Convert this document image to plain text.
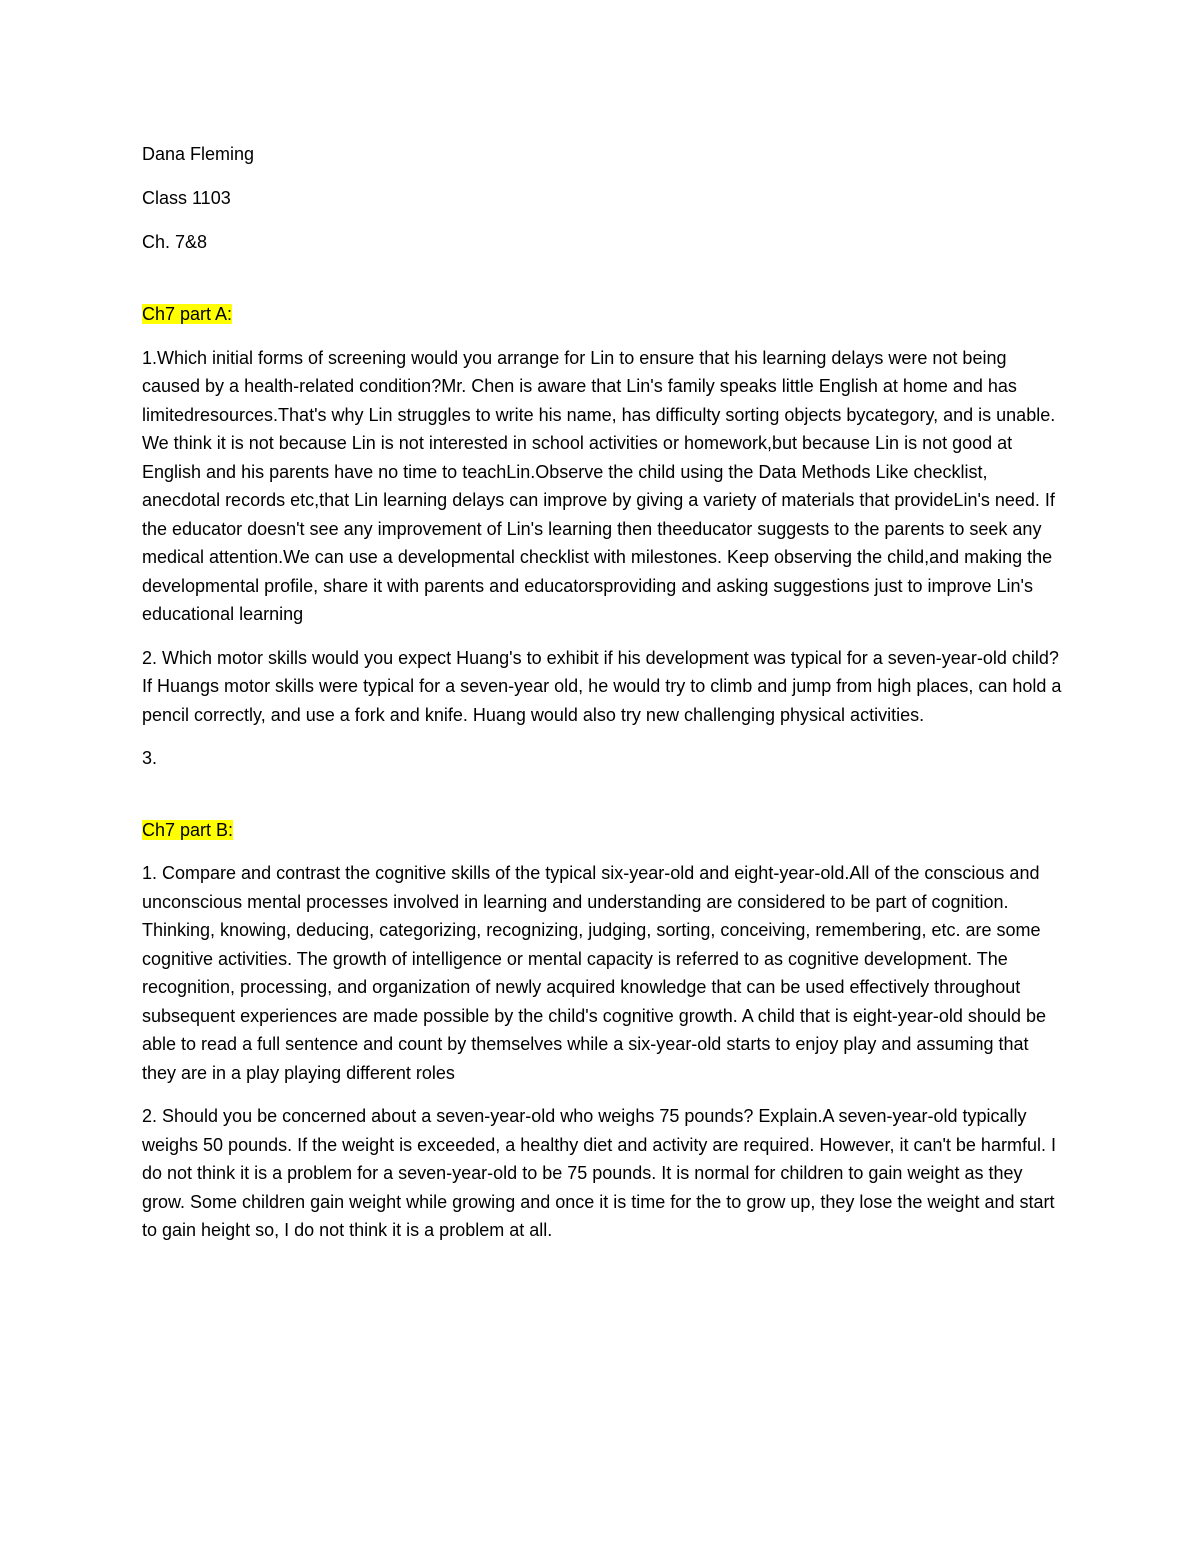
Dana Fleming
Class 1103
Ch. 7&8
Ch7 part A:

1.Which initial forms of screening would you arrange for Lin to ensure that his learning delays were not being caused by a health-related condition?Mr. Chen is aware that Lin's family speaks little English at home and has limitedresources.That's why Lin struggles to write his name, has difficulty sorting objects bycategory, and is unable. We think it is not because Lin is not interested in school activities or homework,but because Lin is not good at English and his parents have no time to teachLin.Observe the child using the Data Methods Like checklist, anecdotal records etc,that Lin learning delays can improve by giving a variety of materials that provideLin's need. If the educator doesn't see any improvement of Lin's learning then theeducator suggests to the parents to seek any medical attention.We can use a developmental checklist with milestones. Keep observing the child,and making the developmental profile, share it with parents and educatorsproviding and asking suggestions just to improve Lin's educational learning

2. Which motor skills would you expect Huang's to exhibit if his development was typical for a seven-year-old child? If Huangs motor skills were typical for a seven-year old, he would try to climb and jump from high places, can hold a pencil correctly, and use a fork and knife. Huang would also try new challenging physical activities.

3.

Ch7 part B:

1. Compare and contrast the cognitive skills of the typical six-year-old and eight-year-old.All of the conscious and unconscious mental processes involved in learning and understanding are considered to be part of cognition. Thinking, knowing, deducing, categorizing, recognizing, judging, sorting, conceiving, remembering, etc. are some cognitive activities. The growth of intelligence or mental capacity is referred to as cognitive development. The recognition, processing, and organization of newly acquired knowledge that can be used effectively throughout subsequent experiences are made possible by the child's cognitive growth. A child that is eight-year-old should be able to read a full sentence and count by themselves while a six-year-old starts to enjoy play and assuming that they are in a play playing different roles

2. Should you be concerned about a seven-year-old who weighs 75 pounds? Explain.A seven-year-old typically weighs 50 pounds. If the weight is exceeded, a healthy diet and activity are required. However, it can't be harmful. I do not think it is a problem for a seven-year-old to be 75 pounds. It is normal for children to gain weight as they grow. Some children gain weight while growing and once it is time for the to grow up, they lose the weight and start to gain height so, I do not think it is a problem at all.
